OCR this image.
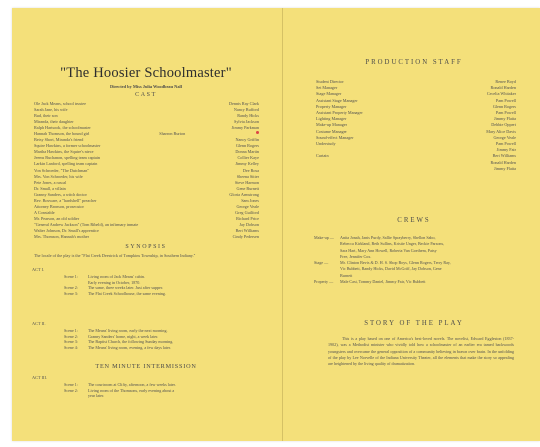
"The Hoosier Schoolmaster"
Directed by Miss Julia Woodbeau Nall
CAST
Ole Jack Means, school trustee	Dennis Ray Clark
Sarah Jane, his wife	Nancy Bufford
Bud, their son	Randy Hicks
Miranda, their daughter	Sylvia Jackson
Ralph Hartsook, the schoolmaster	Jimmy Parkman
Hannah Thomson, the bound girl	Sharron Burton
Betsy Short, Miranda's friend	Nancy Griffin
Squire Hawkins, a former schoolmaster	Glenn Rogers
Martha Hawkins, the Squire's niece	Donna Martin
Jeems Buchanon, spelling team captain	Collier Kaye
Larkin Lanford, spelling team captain	Jimmy Kelley
Von Schroeder, "The Dutchman"	Dee Rosa
Mrs. Von Schroeder, his wife	Sheena Sitter
Pete Jones, a rascal	Steve Harmon
Dr. Small, a villain	Gene Burnett
Granny Sanders, a witch doctor	Gloria Armstrong
Rev. Bosware, a "hardshell" preacher	Sam Jones
Attorney Bronson, prosecutor	George Veale
A Constable	Greg Guilford
Mr. Pearson, an old soldier	Richard Price
"General Andrew Jackson" (Tom Ribeld), an infirmary inmate	Jay Dobson
Walter Johnson, Dr. Small's apprentice	Bert Williams
Mrs. Thomson, Hannah's mother	Cindy Pedersen
SYNOPSIS
The locale of the play is the "Flat Creek Deestrick of Tompkins Township, in Southern Indiany."
ACT I.
Scene 1: Living room of Jack Means' cabin.
Early evening in October, 1870.
Scene 2: The same, three weeks later. Just after supper.
Scene 3: The Flat Creek Schoolhouse, the same evening.
ACT II.
Scene 1: The Means' living room, early the next morning.
Scene 2: Granny Sanders' home, night, a week later.
Scene 3: The Baptist Church, the following Sunday morning.
Scene 4: The Means' living room, evening, a few days later.
TEN MINUTE INTERMISSION
ACT III.
Scene 1: The courtroom at Clifty, afternoon, a few weeks later.
Scene 2: Living room of the Thomsons, early evening about a
year later.
PRODUCTION STAFF
Student Director	Renee Boyd
Set Manager	Ronald Harden
Stage Manager	Cecelia Whitaker
Assistant Stage Manager	Pam Powell
Property Manager	Glenn Rogers
Assistant Property Manager	Pam Powell
Lighting Manager	Jimmy Flaita
Make-up Manager	Debbie Oppert
Costume Manager	Mary Alice Davis
Sound-effect Manager	George Veale
Understudy	Pam Powell
Jimmy Fair
Curtain	Bert Williams
Ronald Harden
Jimmy Flaita
CREWS
Make-up — Anita Jonah, Janis Purdy, Sallie Sprayberry, Shellon Sabo,
Rebecca Kirkland, Beth Sullins, Kristie Unger, Beckie Parsons,
Sara Hart, Mary Ann Howell, Roberta Van Goethem, Patsy
Free, Jennifer Cox.
Stage —	Mr. Clinton Bevis & D. H. S. Shop Boys, Glenn Rogers, Terry Ray,
Vic Bubbett, Randy Hicks, David McGriff, Jay Dobson, Gene
Burnett
Property — Male Cast, Tommy Daniel, Jimmy Fair, Vic Bubbett
STORY OF THE PLAY
This is a play based on one of America's best-loved novels. The novelist, Edward Eggleston (1837-1902), was a Methodist minister who vividly told how a schoolmaster of an earlier era tamed backwoods youngsters and overcame the general opposition of a community believing in brawn over brain. In the unfolding of the play by Lee Norvelle of the Indiana University Theater, all the elements that make the story so appealing are heightened by the living quality of dramatization.
